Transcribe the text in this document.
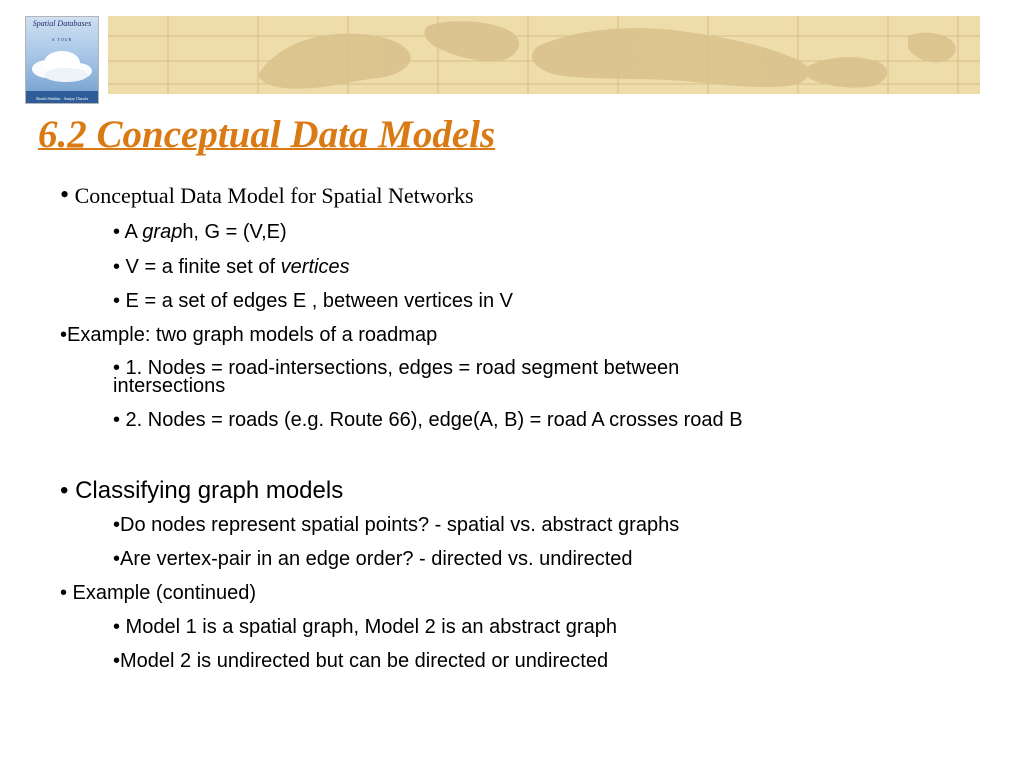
Spatial Databases
A TOUR
Shashi Shekhar · Sanjay Chawla
6.2 Conceptual Data Models
• Conceptual Data Model for Spatial Networks
• A graph, G = (V,E)
• V = a finite set of vertices
• E = a set of edges E , between vertices in V
•Example: two graph models of a roadmap
• 1. Nodes = road-intersections, edges = road segment between
intersections
• 2. Nodes = roads (e.g. Route 66), edge(A, B) = road A crosses road B
• Classifying graph models
•Do nodes represent spatial points? - spatial vs. abstract graphs
•Are vertex-pair in an edge order? - directed vs. undirected
• Example (continued)
• Model 1 is a spatial graph, Model 2 is an abstract graph
•Model 2 is undirected but can be directed or undirected
